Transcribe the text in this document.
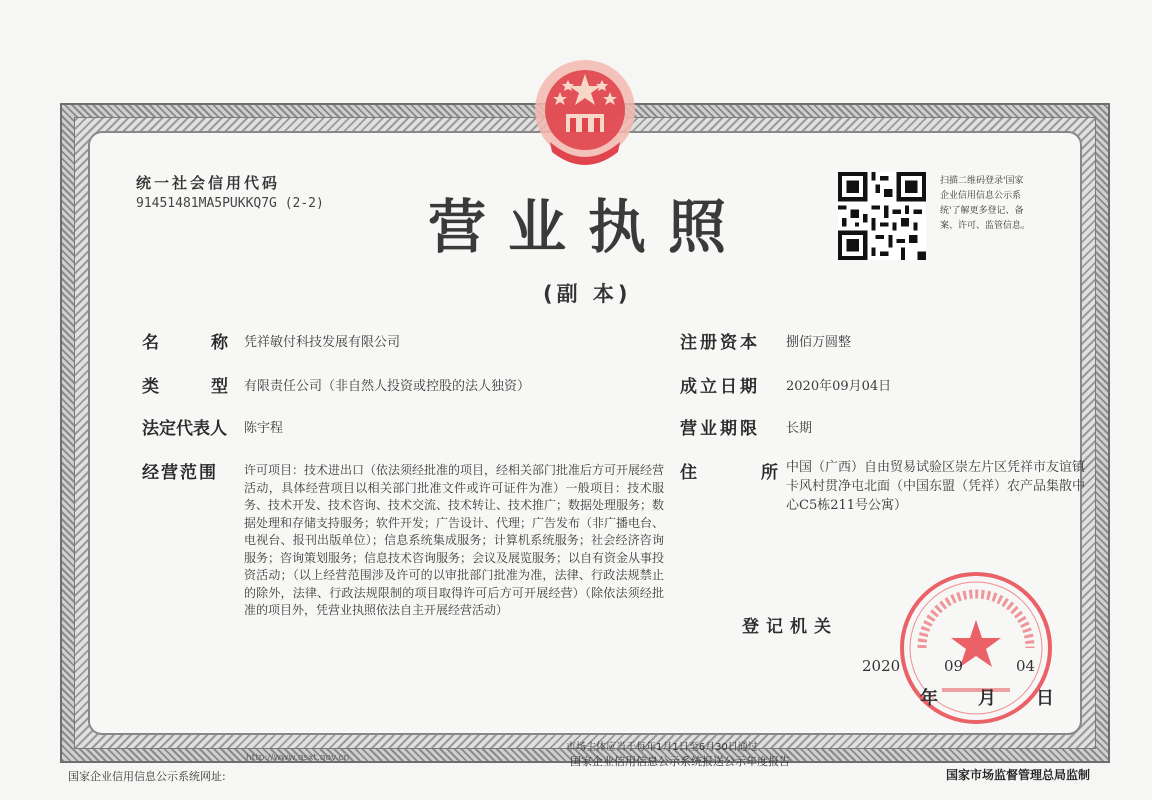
统一社会信用代码
91451481MA5PUKKQ7G (2-2) 营业执照
(副 本)
扫描二维码登录'国家企业信用信息公示系统'了解更多登记、备案、许可、监管信息。
名　　称 凭祥敏付科技发展有限公司
类　　型 有限责任公司（非自然人投资或控股的法人独资）
法定代表人 陈宇程
经营范围 许可项目：技术进出口（依法须经批准的项目，经相关部门批准后方可开展经营活动，具体经营项目以相关部门批准文件或许可证件为准）一般项目：技术服务、技术开发、技术咨询、技术交流、技术转让、技术推广；数据处理服务；数据处理和存储支持服务；软件开发；广告设计、代理；广告发布（非广播电台、电视台、报刊出版单位）；信息系统集成服务；计算机系统服务；社会经济咨询服务；咨询策划服务；信息技术咨询服务；会议及展览服务；以自有资金从事投资活动；（以上经营范围涉及许可的以审批部门批准为准，法律、行政法规禁止的除外，法律、行政法规限制的项目取得许可后方可开展经营）（除依法须经批准的项目外，凭营业执照依法自主开展经营活动）
注册资本 捌佰万圆整
成立日期 2020年09月04日
营业期限 长期
住　　所
中国（广西）自由贸易试验区崇左片区凭祥市友谊镇卡风村贯净屯北面（中国东盟（凭祥）农产品集散中心C5栋211号公寓）
登记机关
2020	09	04
年 月 日
市场主体应当于每年1月1日至6月30日通过
国家企业信用信息公示系统报送公示年度报告
国家企业信用信息公示系统网址:
http://www.gsxt.gov.cn
国家市场监督管理总局监制
